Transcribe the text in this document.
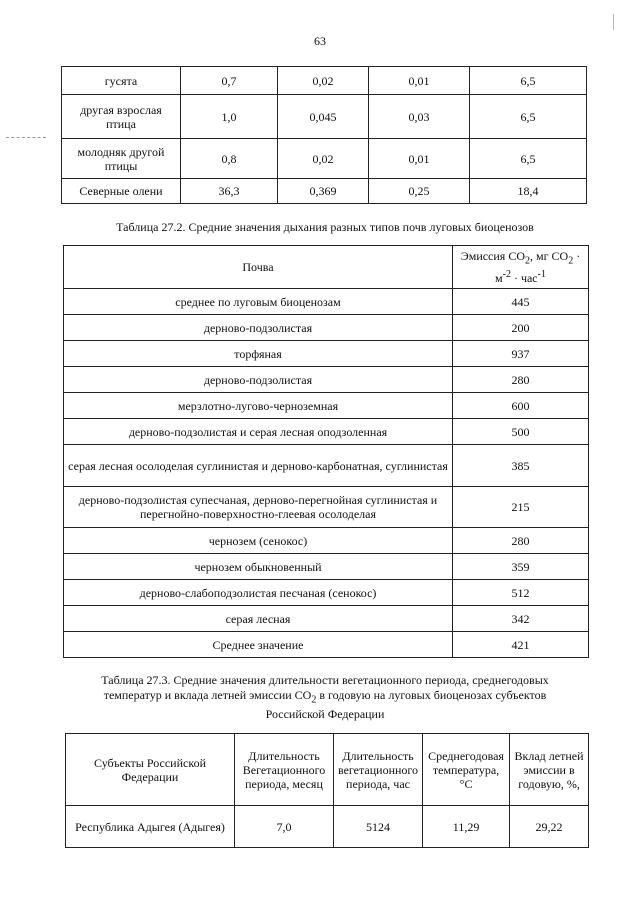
63
гусята	0,7	0,02	0,01	6,5
другая взрослая птица	1,0	0,045	0,03	6,5
молодняк другой птицы	0,8	0,02	0,01	6,5
Северные олени	36,3	0,369	0,25	18,4
Таблица 27.2. Средние значения дыхания разных типов почв луговых биоценозов
Почва	Эмиссия $CO_2$, мг $CO_2$ ·
$м^{-2} \cdot час^{-1}$
среднее по луговым биоценозам	445
дерново-подзолистая	200
торфяная	937
дерново-подзолистая	280
мерзлотно-лугово-черноземная	600
дерново-подзолистая и серая лесная оподзоленная	500
серая лесная осолоделая суглинистая и дерново-карбонатная, суглинистая	385
дерново-подзолистая супесчаная, дерново-перегнойная суглинистая и перегнойно-поверхностно-глеевая осолоделая	215
чернозем (сенокос)	280
чернозем обыкновенный	359
дерново-слабоподзолистая песчаная (сенокос)	512
серая лесная	342
Среднее значение	421
Таблица 27.3. Средние значения длительности вегетационного периода, среднегодовых
температур и вклада летней эмиссии $CO_2$ в годовую на луговых биоценозах субъектов
Российской Федерации
Субъекты Российской Федерации	Длительность Вегетационного периода, месяц	Длительность вегетационного периода, час	Среднегодовая температура, °С	Вклад летней эмиссии в годовую, %,
Республика Адыгея (Адыгея)	7,0	5124	11,29	29,22
